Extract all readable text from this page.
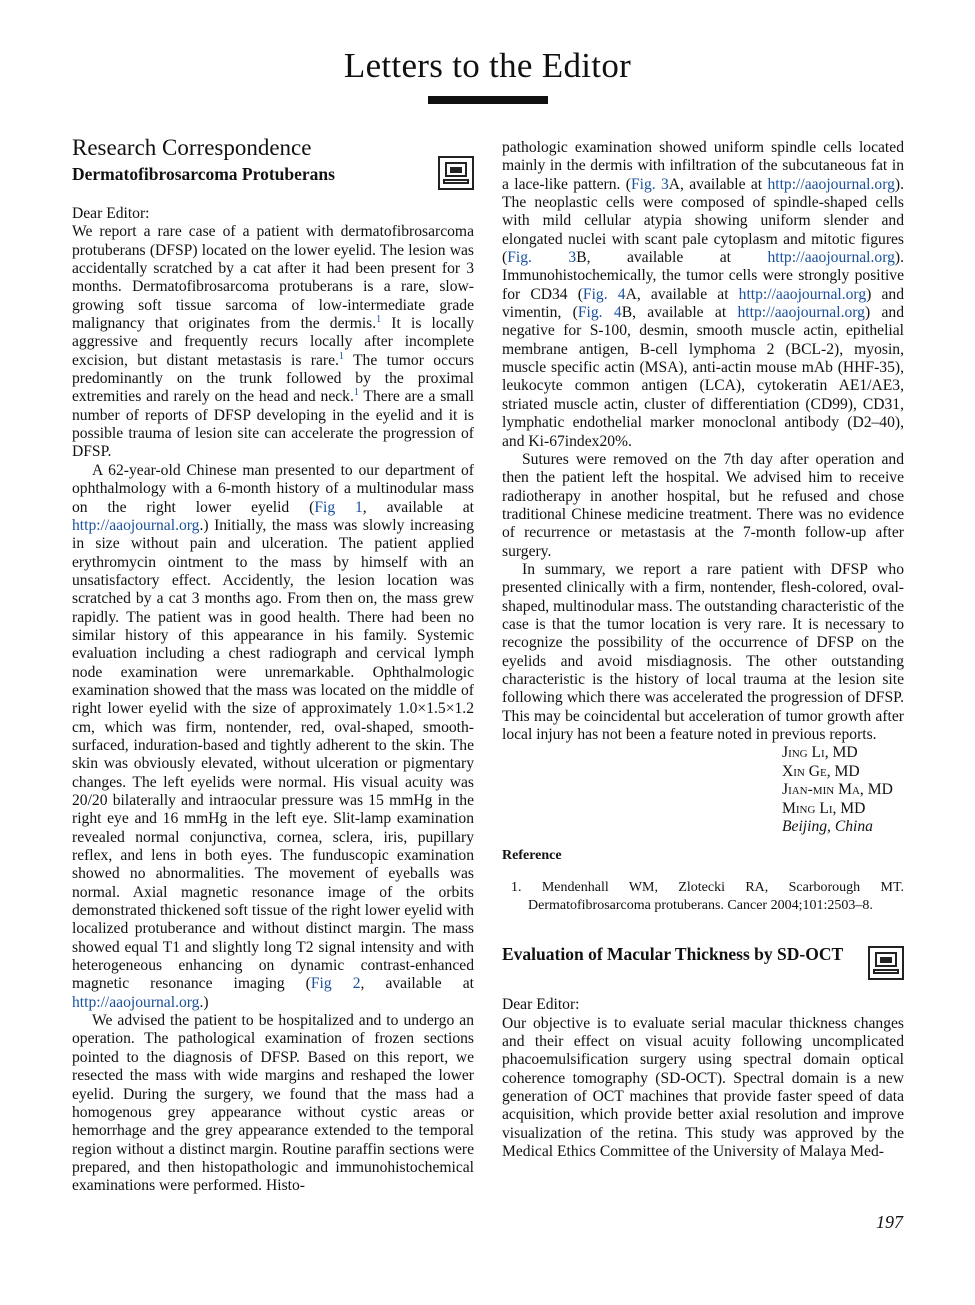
Letters to the Editor
Research Correspondence
Dermatofibrosarcoma Protuberans
Dear Editor:

We report a rare case of a patient with dermatofibrosarcoma protuberans (DFSP) located on the lower eyelid. The lesion was accidentally scratched by a cat after it had been present for 3 months. Dermatofibrosarcoma protuberans is a rare, slow-growing soft tissue sarcoma of low-intermediate grade malignancy that originates from the dermis.$^1$ It is locally aggressive and frequently recurs locally after incomplete excision, but distant metastasis is rare.$^1$ The tumor occurs predominantly on the trunk followed by the proximal extremities and rarely on the head and neck.$^1$ There are a small number of reports of DFSP developing in the eyelid and it is possible trauma of lesion site can accelerate the progression of DFSP.

A 62-year-old Chinese man presented to our department of ophthalmology with a 6-month history of a multinodular mass on the right lower eyelid (Fig 1, available at http://aaojournal.org.) Initially, the mass was slowly increasing in size without pain and ulceration. The patient applied erythromycin ointment to the mass by himself with an unsatisfactory effect. Accidently, the lesion location was scratched by a cat 3 months ago. From then on, the mass grew rapidly. The patient was in good health. There had been no similar history of this appearance in his family. Systemic evaluation including a chest radiograph and cervical lymph node examination were unremarkable. Ophthalmologic examination showed that the mass was located on the middle of right lower eyelid with the size of approximately 1.0×1.5×1.2 cm, which was firm, nontender, red, oval-shaped, smooth-surfaced, induration-based and tightly adherent to the skin. The skin was obviously elevated, without ulceration or pigmentary changes. The left eyelids were normal. His visual acuity was 20/20 bilaterally and intraocular pressure was 15 mmHg in the right eye and 16 mmHg in the left eye. Slit-lamp examination revealed normal conjunctiva, cornea, sclera, iris, pupillary reflex, and lens in both eyes. The funduscopic examination showed no abnormalities. The movement of eyeballs was normal. Axial magnetic resonance image of the orbits demonstrated thickened soft tissue of the right lower eyelid with localized protuberance and without distinct margin. The mass showed equal T1 and slightly long T2 signal intensity and with heterogeneous enhancing on dynamic contrast-enhanced magnetic resonance imaging (Fig 2, available at http://aaojournal.org.)

We advised the patient to be hospitalized and to undergo an operation. The pathological examination of frozen sections pointed to the diagnosis of DFSP. Based on this report, we resected the mass with wide margins and reshaped the lower eyelid. During the surgery, we found that the mass had a homogenous grey appearance without cystic areas or hemorrhage and the grey appearance extended to the temporal region without a distinct margin. Routine paraffin sections were prepared, and then histopathologic and immunohistochemical examinations were performed. Histo-

pathologic examination showed uniform spindle cells located mainly in the dermis with infiltration of the subcutaneous fat in a lace-like pattern. (Fig. 3A, available at http://aaojournal.org). The neoplastic cells were composed of spindle-shaped cells with mild cellular atypia showing uniform slender and elongated nuclei with scant pale cytoplasm and mitotic figures (Fig. 3B, available at http://aaojournal.org). Immunohistochemically, the tumor cells were strongly positive for CD34 (Fig. 4A, available at http://aaojournal.org) and vimentin, (Fig. 4B, available at http://aaojournal.org) and negative for S-100, desmin, smooth muscle actin, epithelial membrane antigen, B-cell lymphoma 2 (BCL-2), myosin, muscle specific actin (MSA), anti-actin mouse mAb (HHF-35), leukocyte common antigen (LCA), cytokeratin AE1/AE3, striated muscle actin, cluster of differentiation (CD99), CD31, lymphatic endothelial marker monoclonal antibody (D2–40), and Ki-67index20%.

Sutures were removed on the 7th day after operation and then the patient left the hospital. We advised him to receive radiotherapy in another hospital, but he refused and chose traditional Chinese medicine treatment. There was no evidence of recurrence or metastasis at the 7-month follow-up after surgery.

In summary, we report a rare patient with DFSP who presented clinically with a firm, nontender, flesh-colored, oval-shaped, multinodular mass. The outstanding characteristic of the case is that the tumor location is very rare. It is necessary to recognize the possibility of the occurrence of DFSP on the eyelids and avoid misdiagnosis. The other outstanding characteristic is the history of local trauma at the lesion site following which there was accelerated the progression of DFSP. This may be coincidental but acceleration of tumor growth after local injury has not been a feature noted in previous reports.

Jing Li, MD
Xin Ge, MD
Jian-min Ma, MD
Ming Li, MD
Beijing, China
Reference
1. Mendenhall WM, Zlotecki RA, Scarborough MT. Dermatofibrosarcoma protuberans. Cancer 2004;101:2503–8.
Evaluation of Macular Thickness by SD-OCT
Dear Editor:

Our objective is to evaluate serial macular thickness changes and their effect on visual acuity following uncomplicated phacoemulsification surgery using spectral domain optical coherence tomography (SD-OCT). Spectral domain is a new generation of OCT machines that provide faster speed of data acquisition, which provide better axial resolution and improve visualization of the retina. This study was approved by the Medical Ethics Committee of the University of Malaya Med-

197
